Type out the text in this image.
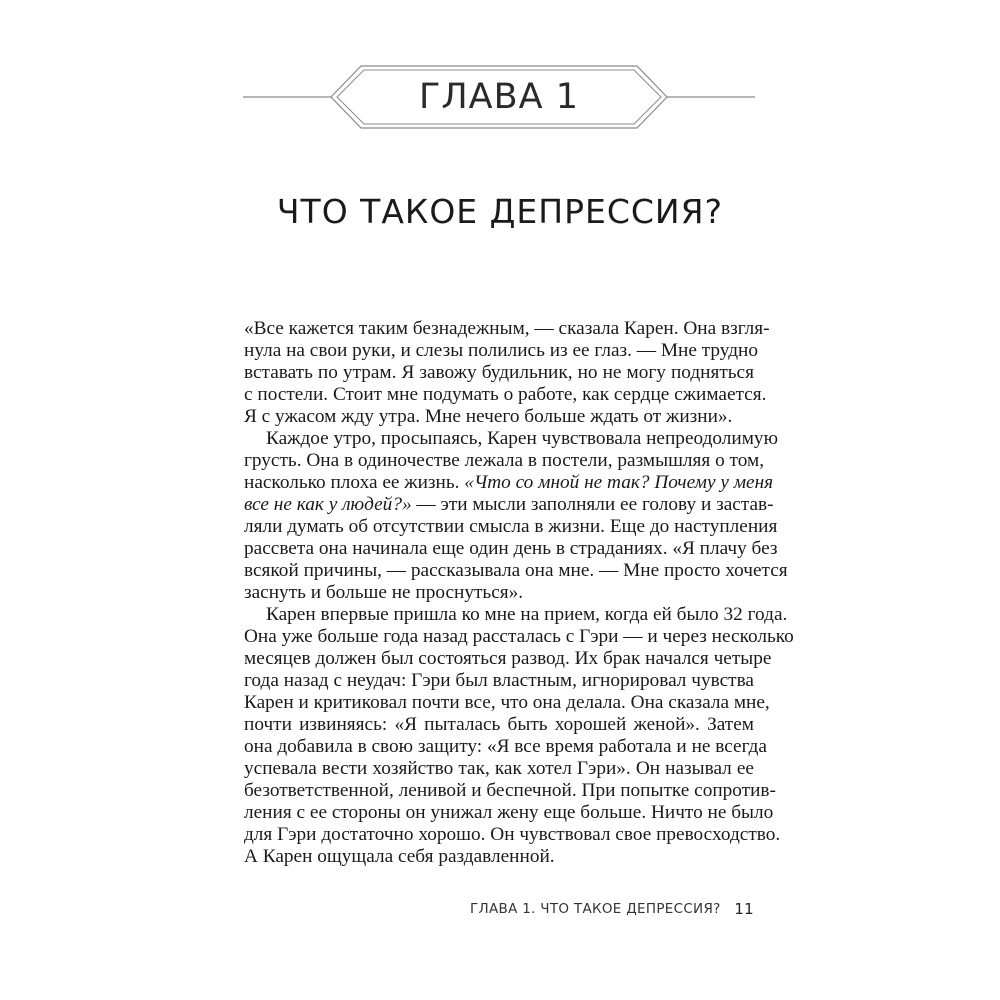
ГЛАВА 1
ЧТО ТАКОЕ ДЕПРЕССИЯ?
«Все кажется таким безнадежным, — сказала Карен. Она взгля-
нула на свои руки, и слезы полились из ее глаз. — Мне трудно
вставать по утрам. Я завожу будильник, но не могу подняться
с постели. Стоит мне подумать о работе, как сердце сжимается.
Я с ужасом жду утра. Мне нечего больше ждать от жизни».
Каждое утро, просыпаясь, Карен чувствовала непреодолимую
грусть. Она в одиночестве лежала в постели, размышляя о том,
насколько плоха ее жизнь. «Что со мной не так? Почему у меня
все не как у людей?» — эти мысли заполняли ее голову и застав-
ляли думать об отсутствии смысла в жизни. Еще до наступления
рассвета она начинала еще один день в страданиях. «Я плачу без
всякой причины, — рассказывала она мне. — Мне просто хочется
заснуть и больше не проснуться».
Карен впервые пришла ко мне на прием, когда ей было 32 года.
Она уже больше года назад рассталась с Гэри — и через несколько
месяцев должен был состояться развод. Их брак начался четыре
года назад с неудач: Гэри был властным, игнорировал чувства
Карен и критиковал почти все, что она делала. Она сказала мне,
почти извиняясь: «Я пыталась быть хорошей женой». Затем
она добавила в свою защиту: «Я все время работала и не всегда
успевала вести хозяйство так, как хотел Гэри». Он называл ее
безответственной, ленивой и беспечной. При попытке сопротив-
ления с ее стороны он унижал жену еще больше. Ничто не было
для Гэри достаточно хорошо. Он чувствовал свое превосходство.
А Карен ощущала себя раздавленной.
ГЛАВА 1. ЧТО ТАКОЕ ДЕПРЕССИЯ? 11
